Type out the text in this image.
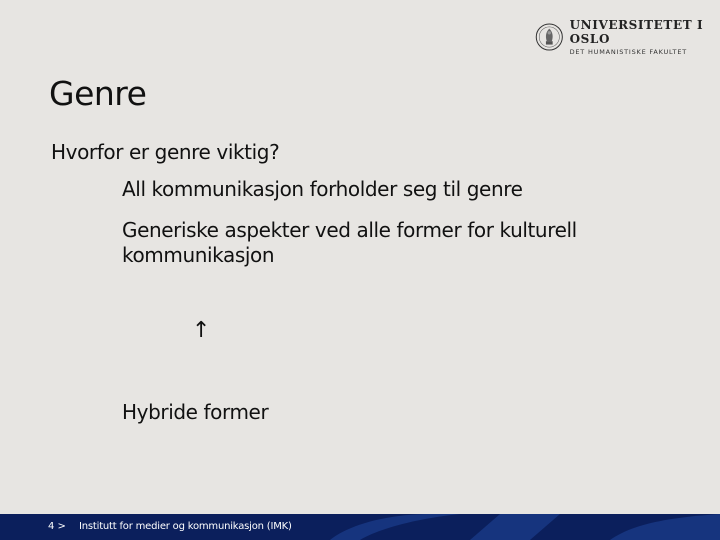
UNIVERSITETET I OSLO
DET HUMANISTISKE FAKULTET
Genre
Hvorfor er genre viktig?
All kommunikasjon forholder seg til genre
Generiske aspekter ved alle former for kulturell kommunikasjon
↑
Hybride former
4 > Institutt for medier og kommunikasjon (IMK)
